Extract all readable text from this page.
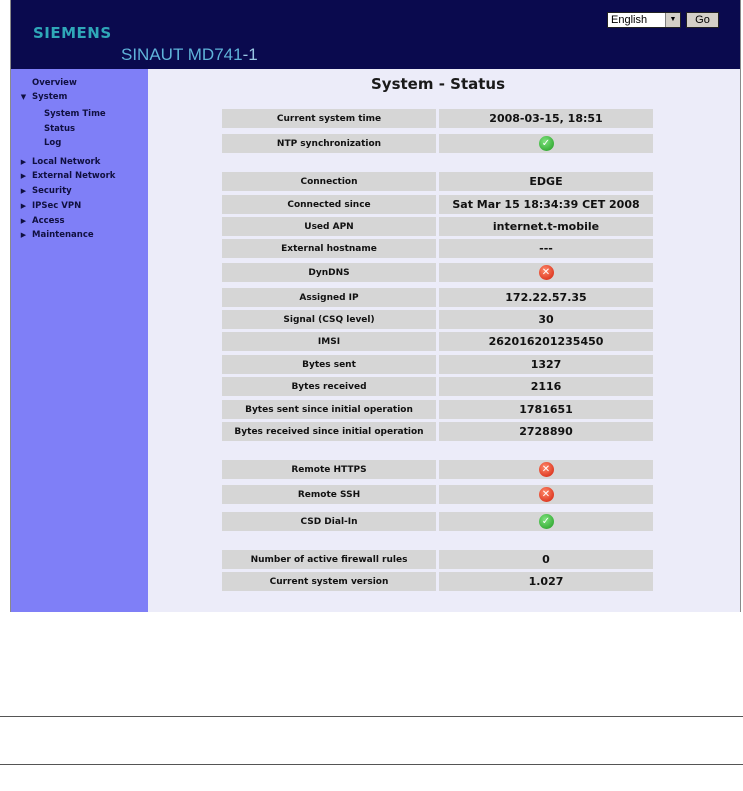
SIEMENS
SINAUT MD741-1
English	▼	Go
Overview
▼ System
System Time
Status
Log
▶ Local Network
▶ External Network
▶ Security
▶ IPSec VPN
▶ Access
▶ Maintenance
System - Status
Current system time	2008-03-15, 18:51
NTP synchronization	✓
Connection	EDGE
Connected since	Sat Mar 15 18:34:39 CET 2008
Used APN	internet.t-mobile
External hostname	---
DynDNS	✕
Assigned IP	172.22.57.35
Signal (CSQ level)	30
IMSI	262016201235450
Bytes sent	1327
Bytes received	2116
Bytes sent since initial operation	1781651
Bytes received since initial operation	2728890
Remote HTTPS	✕
Remote SSH	✕
CSD Dial-In	✓
Number of active firewall rules	0
Current system version	1.027
